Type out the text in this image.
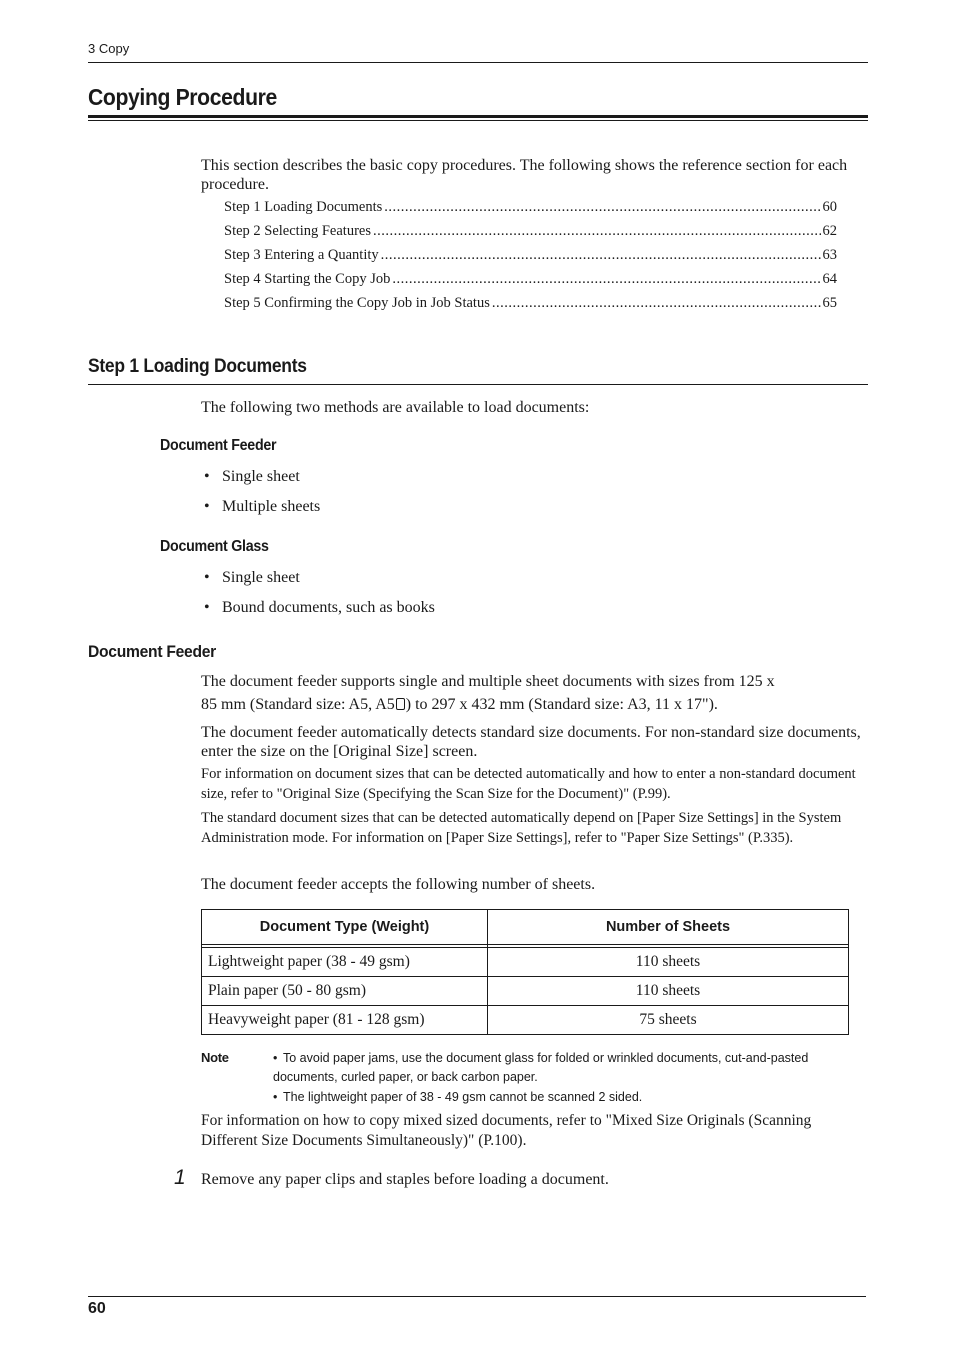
3 Copy
Copying Procedure
This section describes the basic copy procedures. The following shows the reference section for each procedure.
Step 1 Loading Documents .....	60
Step 2 Selecting Features .....	62
Step 3 Entering a Quantity .....	63
Step 4 Starting the Copy Job .....	64
Step 5 Confirming the Copy Job in Job Status .....	65
Step 1 Loading Documents
The following two methods are available to load documents:
Document Feeder
• Single sheet
• Multiple sheets
Document Glass
• Single sheet
• Bound documents, such as books
Document Feeder
The document feeder supports single and multiple sheet documents with sizes from 125 x
85 mm (Standard size: A5, A5 ) to 297 x 432 mm (Standard size: A3, 11 x 17").
The document feeder automatically detects standard size documents. For non-standard size documents, enter the size on the [Original Size] screen.
For information on document sizes that can be detected automatically and how to enter a non-standard document size, refer to "Original Size (Specifying the Scan Size for the Document)" (P.99).
The standard document sizes that can be detected automatically depend on [Paper Size Settings] in the System Administration mode. For information on [Paper Size Settings], refer to "Paper Size Settings" (P.335).
The document feeder accepts the following number of sheets.
Document Type (Weight)	Number of Sheets

Lightweight paper (38 - 49 gsm)	110 sheets
Plain paper (50 - 80 gsm)	110 sheets
Heavyweight paper (81 - 128 gsm)	75 sheets
Note	• To avoid paper jams, use the document glass for folded or wrinkled documents, cut-and-pasted documents, curled paper, or back carbon paper.
• The lightweight paper of 38 - 49 gsm cannot be scanned 2 sided.
For information on how to copy mixed sized documents, refer to "Mixed Size Originals (Scanning Different Size Documents Simultaneously)" (P.100).
1 Remove any paper clips and staples before loading a document.
60
